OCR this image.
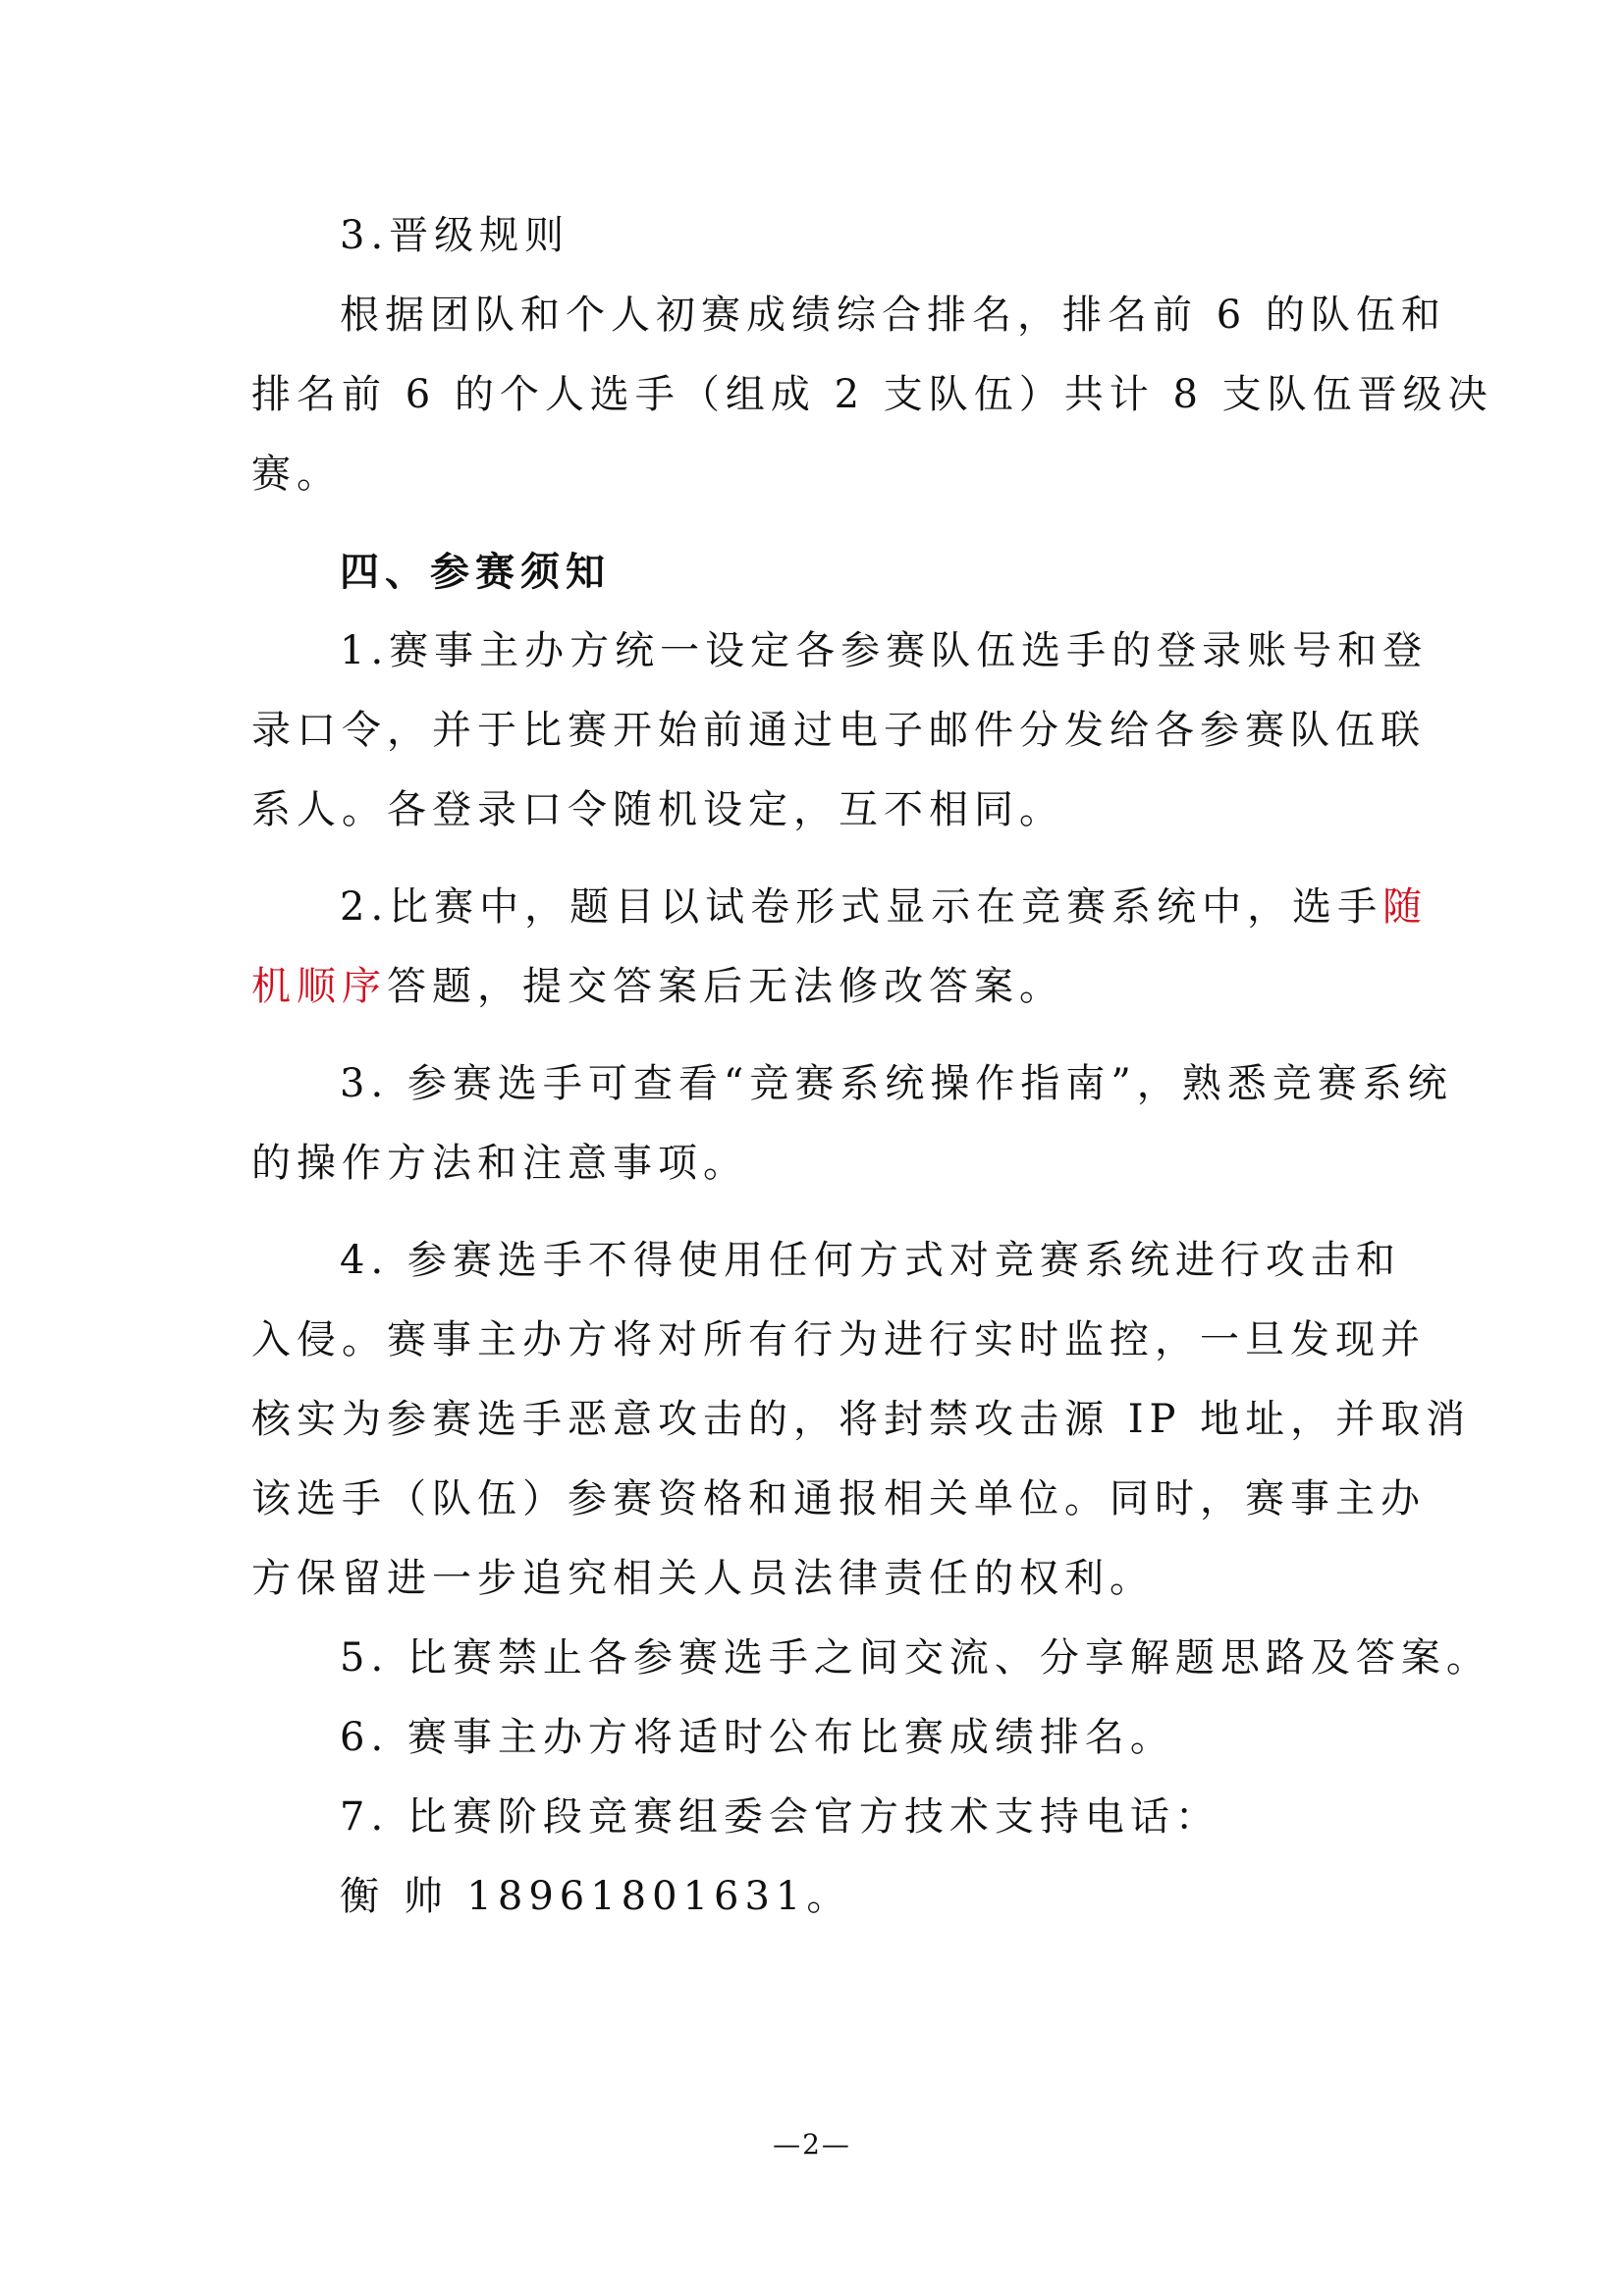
3.晋级规则

根据团队和个人初赛成绩综合排名，排名前 6 的队伍和

排名前 6 的个人选手（组成 2 支队伍）共计 8 支队伍晋级决

赛。

四、参赛须知

1.赛事主办方统一设定各参赛队伍选手的登录账号和登

录口令，并于比赛开始前通过电子邮件分发给各参赛队伍联

系人。各登录口令随机设定，互不相同。

2.比赛中，题目以试卷形式显示在竞赛系统中，选手随

机顺序答题，提交答案后无法修改答案。

3. 参赛选手可查看“竞赛系统操作指南”，熟悉竞赛系统

的操作方法和注意事项。

4. 参赛选手不得使用任何方式对竞赛系统进行攻击和

入侵。赛事主办方将对所有行为进行实时监控，一旦发现并

核实为参赛选手恶意攻击的，将封禁攻击源 IP 地址，并取消

该选手（队伍）参赛资格和通报相关单位。同时，赛事主办

方保留进一步追究相关人员法律责任的权利。

5. 比赛禁止各参赛选手之间交流、分享解题思路及答案。

6. 赛事主办方将适时公布比赛成绩排名。

7. 比赛阶段竞赛组委会官方技术支持电话：

衡 帅 18961801631。

—2—
